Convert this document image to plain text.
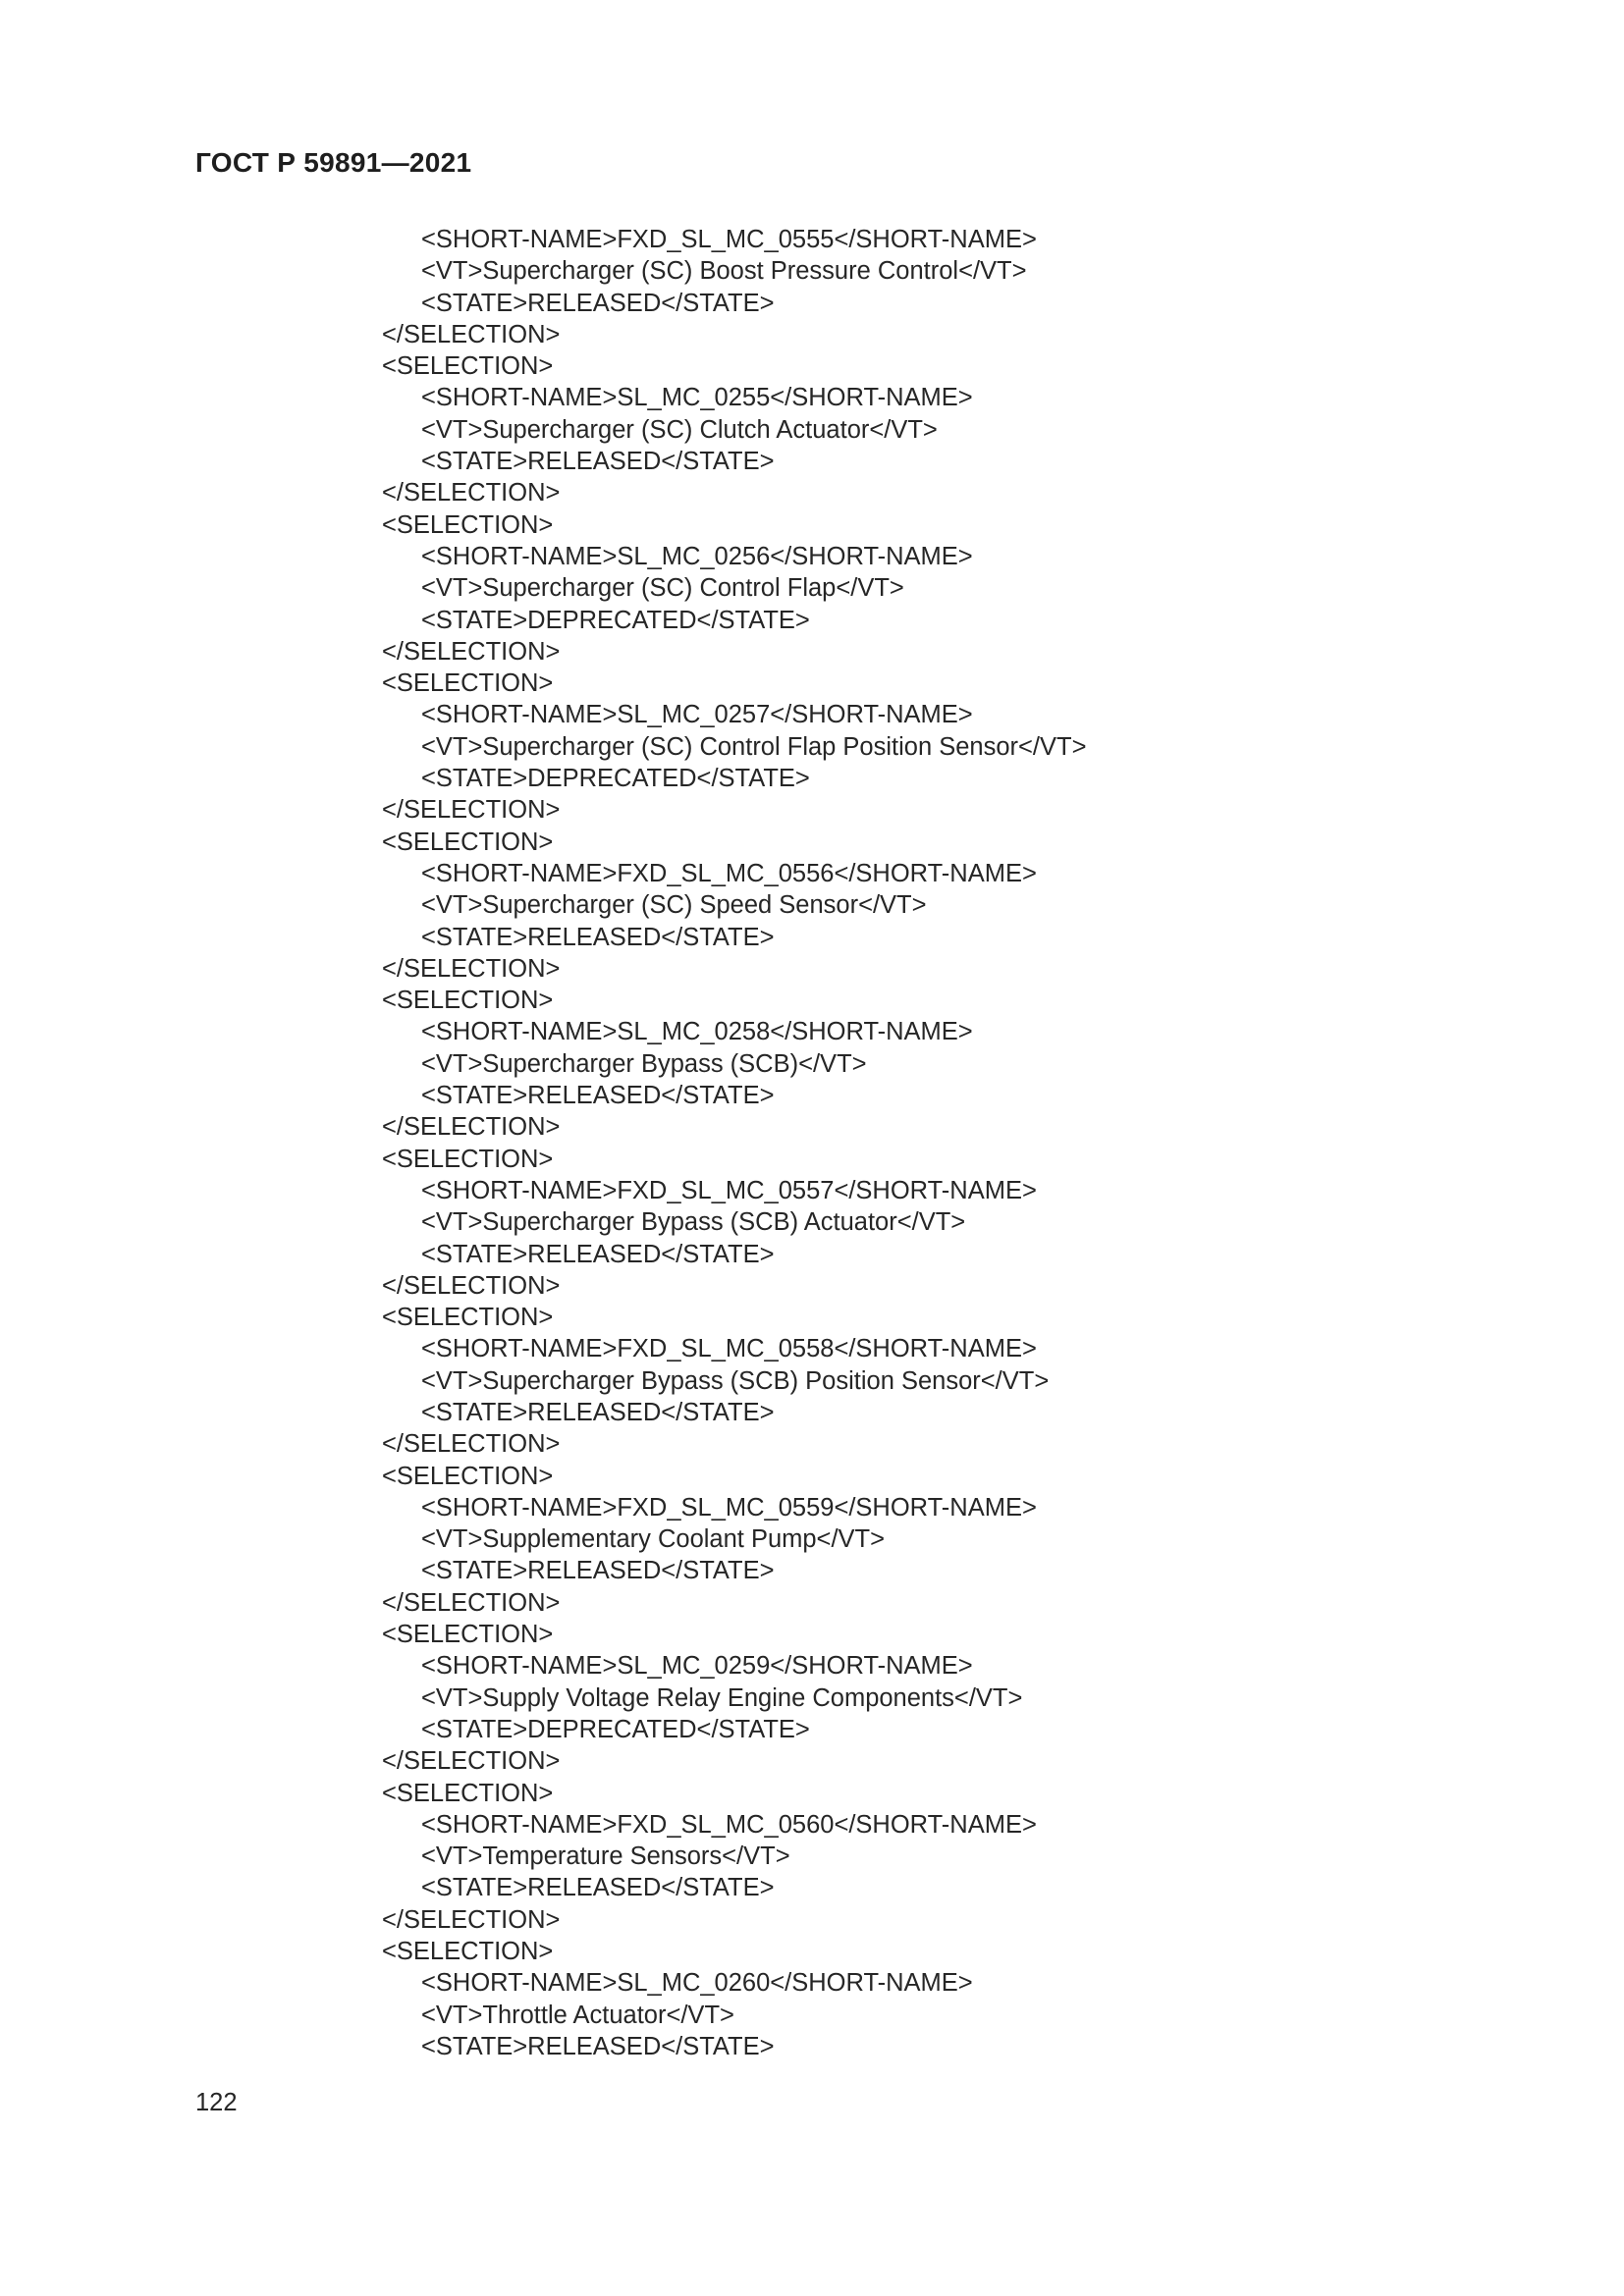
ГОСТ Р 59891—2021
<SHORT-NAME>FXD_SL_MC_0555</SHORT-NAME>
<VT>Supercharger (SC) Boost Pressure Control</VT>
<STATE>RELEASED</STATE>
</SELECTION>
<SELECTION>
<SHORT-NAME>SL_MC_0255</SHORT-NAME>
<VT>Supercharger (SC) Clutch Actuator</VT>
<STATE>RELEASED</STATE>
</SELECTION>
<SELECTION>
<SHORT-NAME>SL_MC_0256</SHORT-NAME>
<VT>Supercharger (SC) Control Flap</VT>
<STATE>DEPRECATED</STATE>
</SELECTION>
<SELECTION>
<SHORT-NAME>SL_MC_0257</SHORT-NAME>
<VT>Supercharger (SC) Control Flap Position Sensor</VT>
<STATE>DEPRECATED</STATE>
</SELECTION>
<SELECTION>
<SHORT-NAME>FXD_SL_MC_0556</SHORT-NAME>
<VT>Supercharger (SC) Speed Sensor</VT>
<STATE>RELEASED</STATE>
</SELECTION>
<SELECTION>
<SHORT-NAME>SL_MC_0258</SHORT-NAME>
<VT>Supercharger Bypass (SCB)</VT>
<STATE>RELEASED</STATE>
</SELECTION>
<SELECTION>
<SHORT-NAME>FXD_SL_MC_0557</SHORT-NAME>
<VT>Supercharger Bypass (SCB) Actuator</VT>
<STATE>RELEASED</STATE>
</SELECTION>
<SELECTION>
<SHORT-NAME>FXD_SL_MC_0558</SHORT-NAME>
<VT>Supercharger Bypass (SCB) Position Sensor</VT>
<STATE>RELEASED</STATE>
</SELECTION>
<SELECTION>
<SHORT-NAME>FXD_SL_MC_0559</SHORT-NAME>
<VT>Supplementary Coolant Pump</VT>
<STATE>RELEASED</STATE>
</SELECTION>
<SELECTION>
<SHORT-NAME>SL_MC_0259</SHORT-NAME>
<VT>Supply Voltage Relay Engine Components</VT>
<STATE>DEPRECATED</STATE>
</SELECTION>
<SELECTION>
<SHORT-NAME>FXD_SL_MC_0560</SHORT-NAME>
<VT>Temperature Sensors</VT>
<STATE>RELEASED</STATE>
</SELECTION>
<SELECTION>
<SHORT-NAME>SL_MC_0260</SHORT-NAME>
<VT>Throttle Actuator</VT>
<STATE>RELEASED</STATE>
122
